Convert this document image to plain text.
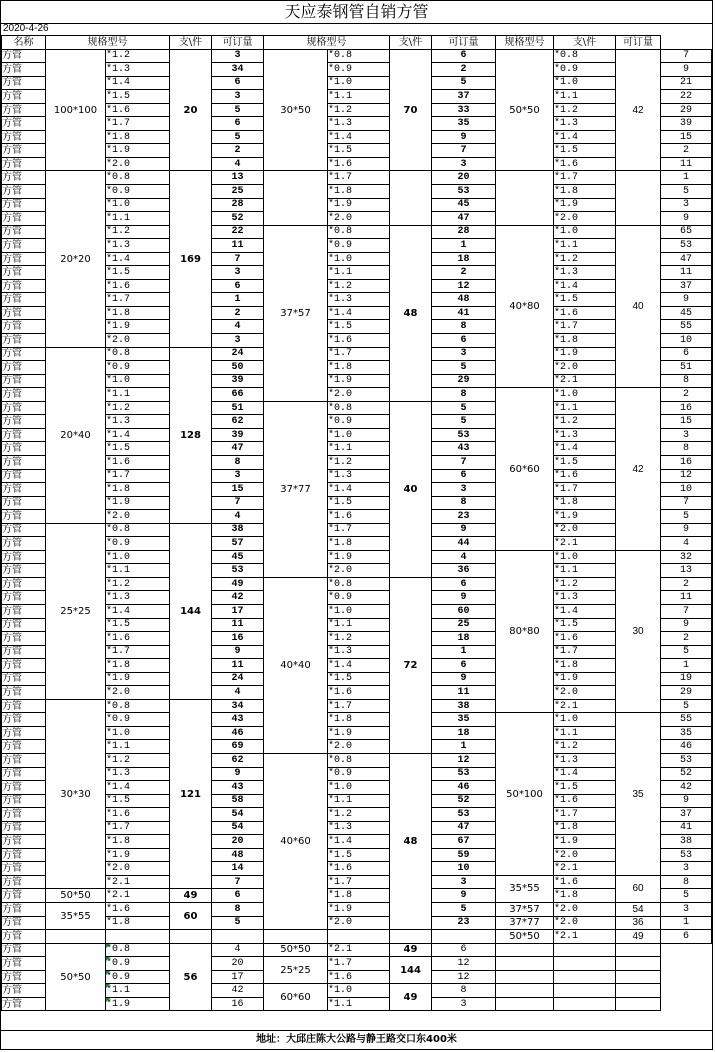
天应泰钢管自销方管
2020-4-26
名称	规格型号		支\件	可订量	规格型号		支\件	可订量	规格型号	支\件	可订量	
方管	100*100	*1.2	20	3	30*50	*0.8	70	6	50*50	*0.8	42	7
方管		*1.3		34		*0.9		2		*0.9		9
方管		*1.4		6		*1.0		5		*1.0		21
方管		*1.5		3		*1.1		37		*1.1		22
方管		*1.6		5		*1.2		33		*1.2		29
方管		*1.7		6		*1.3		35		*1.3		39
方管		*1.8		5		*1.4		9		*1.4		15
方管		*1.9		2		*1.5		7		*1.5		2
方管		*2.0		4		*1.6		3		*1.6		11
方管	20*20	*0.8	169	13		*1.7		20		*1.7		1
方管		*0.9		25		*1.8		53		*1.8		5
方管		*1.0		28		*1.9		45		*1.9		3
方管		*1.1		52		*2.0		47		*2.0		9
方管		*1.2		22	37*57	*0.8	48	28	40*80	*1.0	40	65
方管		*1.3		11		*0.9		1		*1.1		53
方管		*1.4		7		*1.0		18		*1.2		47
方管		*1.5		3		*1.1		2		*1.3		11
方管		*1.6		6		*1.2		12		*1.4		37
方管		*1.7		1		*1.3		48		*1.5		9
方管		*1.8		2		*1.4		41		*1.6		45
方管		*1.9		4		*1.5		8		*1.7		55
方管		*2.0		3		*1.6		6		*1.8		10
方管	20*40	*0.8	128	24		*1.7		3		*1.9		6
方管		*0.9		50		*1.8		5		*2.0		51
方管		*1.0		39		*1.9		29		*2.1		8
方管		*1.1		66		*2.0		8	60*60	*1.0	42	2
方管		*1.2		51	37*77	*0.8	40	5		*1.1		16
方管		*1.3		62		*0.9		5		*1.2		15
方管		*1.4		39		*1.0		53		*1.3		3
方管		*1.5		47		*1.1		43		*1.4		8
方管		*1.6		8		*1.2		7		*1.5		16
方管		*1.7		3		*1.3		6		*1.6		12
方管		*1.8		15		*1.4		3		*1.7		10
方管		*1.9		7		*1.5		8		*1.8		7
方管		*2.0		4		*1.6		23		*1.9		5
方管	25*25	*0.8	144	38		*1.7		9		*2.0		9
方管		*0.9		57		*1.8		44		*2.1		4
方管		*1.0		45		*1.9		4	80*80	*1.0	30	32
方管		*1.1		53		*2.0		36		*1.1		13
方管		*1.2		49	40*40	*0.8	72	6		*1.2		2
方管		*1.3		42		*0.9		9		*1.3		11
方管		*1.4		17		*1.0		60		*1.4		7
方管		*1.5		11		*1.1		25		*1.5		9
方管		*1.6		16		*1.2		18		*1.6		2
方管		*1.7		9		*1.3		1		*1.7		5
方管		*1.8		11		*1.4		6		*1.8		1
方管		*1.9		24		*1.5		9		*1.9		19
方管		*2.0		4		*1.6		11		*2.0		29
方管	30*30	*0.8	121	34		*1.7		38		*2.1		5
方管		*0.9		43		*1.8		35	50*100	*1.0	35	55
方管		*1.0		46		*1.9		18		*1.1		35
方管		*1.1		69		*2.0		1		*1.2		46
方管		*1.2		62	40*60	*0.8	48	12		*1.3		53
方管		*1.3		9		*0.9		53		*1.4		52
方管		*1.4		43		*1.0		46		*1.5		42
方管		*1.5		58		*1.1		52		*1.6		9
方管		*1.6		54		*1.2		53		*1.7		37
方管		*1.7		54		*1.3		47		*1.8		41
方管		*1.8		20		*1.4		67		*1.9		38
方管		*1.9		48		*1.5		59		*2.0		53
方管		*2.0		14		*1.6		10		*2.1		3
方管		*2.1		7		*1.7		3	35*55	*1.6	60	8
方管	50*50	*2.1	49	6		*1.8		9		*1.8		5
方管	35*55	*1.6	60	8		*1.9		5	37*57	*2.0	54	3
方管		*1.8		5		*2.0		23	37*77	*2.0	36	1
方管									50*50	*2.1	49	6
方管	50*50	*0.8	56	4	50*50	*2.1	49	6				
方管		*0.9		20	25*25	*1.7	144	12				
方管		*0.9		17		*1.6		12				
方管		*1.1		42	60*60	*1.0	49	8				
方管		*1.9		16		*1.1		3				
地址：大邱庄陈大公路与静王路交口东400米
